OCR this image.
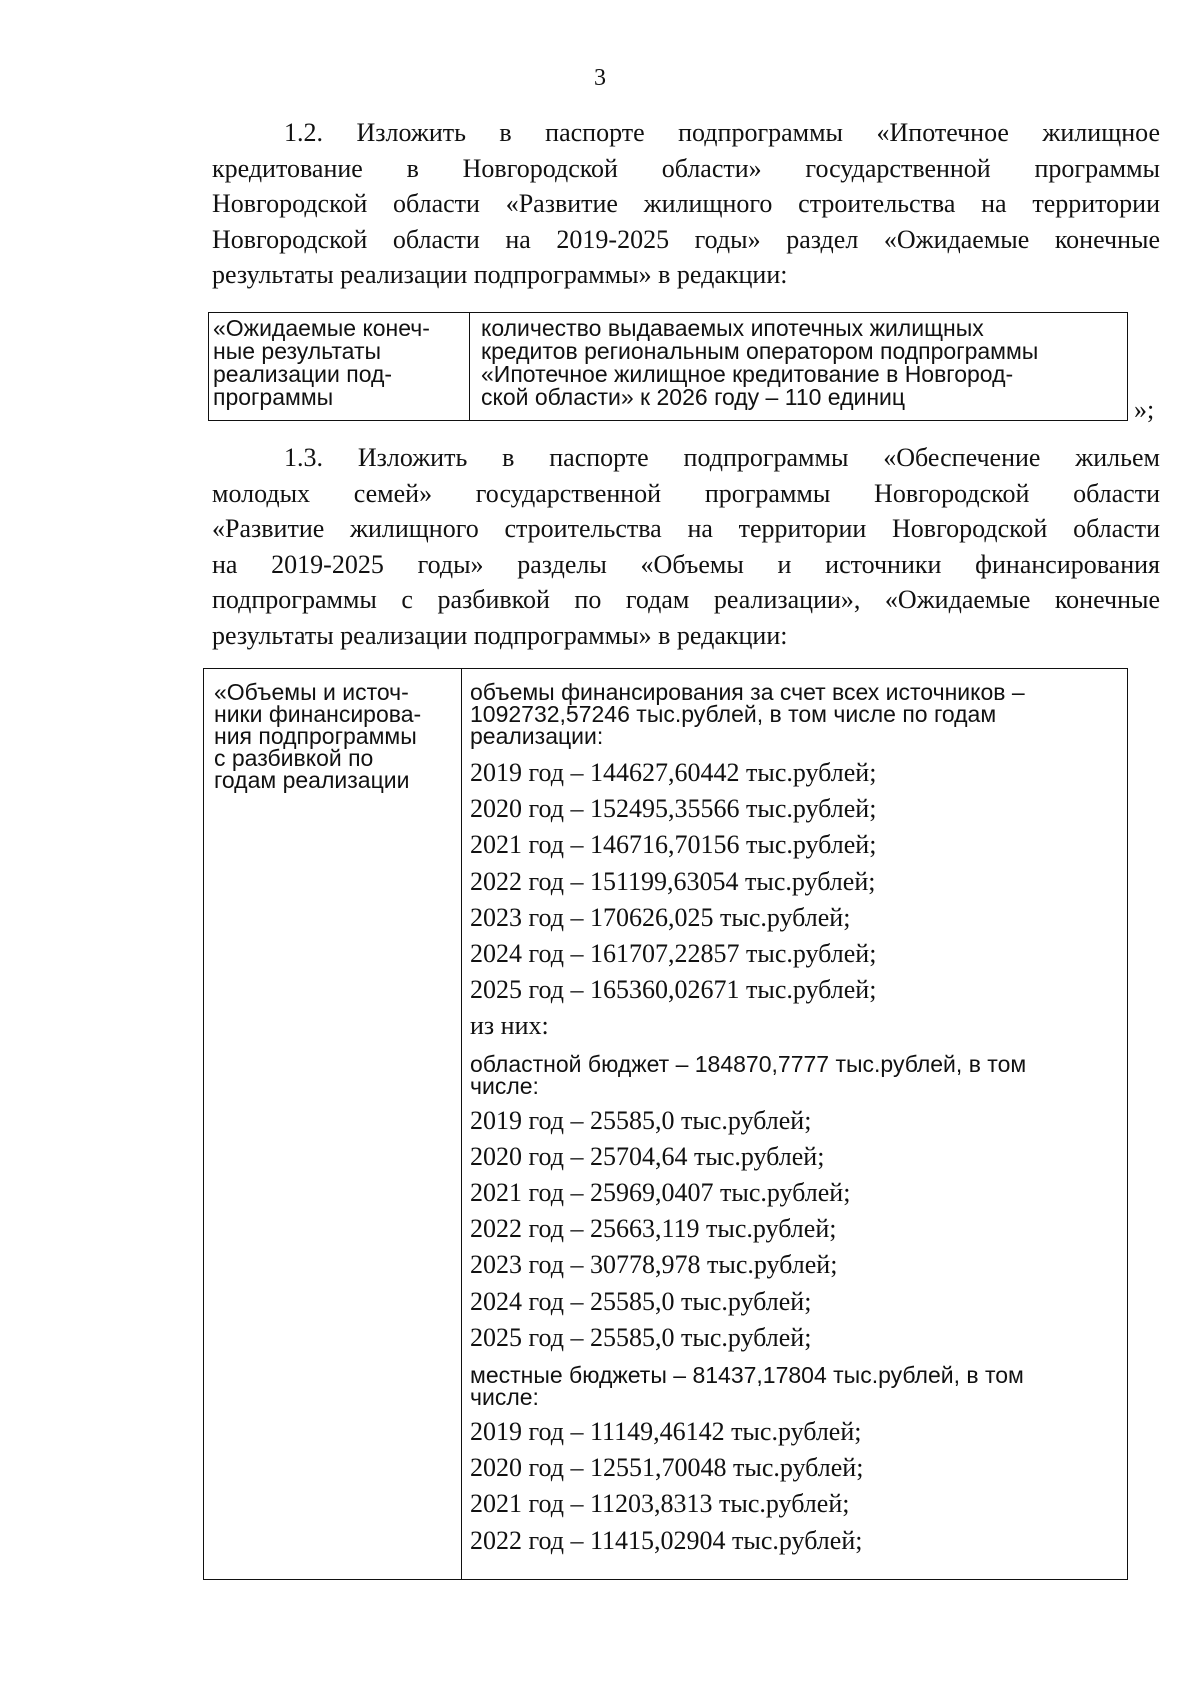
3
1.2. Изложить в паспорте подпрограммы «Ипотечное жилищное
кредитование в Новгородской области» государственной программы
Новгородской области «Развитие жилищного строительства на территории
Новгородской области на 2019-2025 годы» раздел «Ожидаемые конечные
результаты реализации подпрограммы» в редакции:
«Ожидаемые конеч-
ные результаты
реализации под-
программы
количество выдаваемых ипотечных жилищных
кредитов региональным оператором подпрограммы
«Ипотечное жилищное кредитование в Новгород-
ской области» к 2026 году – 110 единиц	»;
1.3. Изложить в паспорте подпрограммы «Обеспечение жильем
молодых семей» государственной программы Новгородской области
«Развитие жилищного строительства на территории Новгородской области
на 2019-2025 годы» разделы «Объемы и источники финансирования
подпрограммы с разбивкой по годам реализации», «Ожидаемые конечные
результаты реализации подпрограммы» в редакции:
«Объемы и источ-
ники финансирова-
ния подпрограммы
с разбивкой по
годам реализации
объемы финансирования за счет всех источников –
1092732,57246 тыс.рублей, в том числе по годам
реализации:
2019 год – 144627,60442 тыс.рублей;
2020 год – 152495,35566 тыс.рублей;
2021 год – 146716,70156 тыс.рублей;
2022 год – 151199,63054 тыс.рублей;
2023 год – 170626,025 тыс.рублей;
2024 год – 161707,22857 тыс.рублей;
2025 год – 165360,02671 тыс.рублей;
из них:
областной бюджет – 184870,7777 тыс.рублей, в том
числе:
2019 год – 25585,0 тыс.рублей;
2020 год – 25704,64 тыс.рублей;
2021 год – 25969,0407 тыс.рублей;
2022 год – 25663,119 тыс.рублей;
2023 год – 30778,978 тыс.рублей;
2024 год – 25585,0 тыс.рублей;
2025 год – 25585,0 тыс.рублей;
местные бюджеты – 81437,17804 тыс.рублей, в том
числе:
2019 год – 11149,46142 тыс.рублей;
2020 год – 12551,70048 тыс.рублей;
2021 год – 11203,8313 тыс.рублей;
2022 год – 11415,02904 тыс.рублей;
